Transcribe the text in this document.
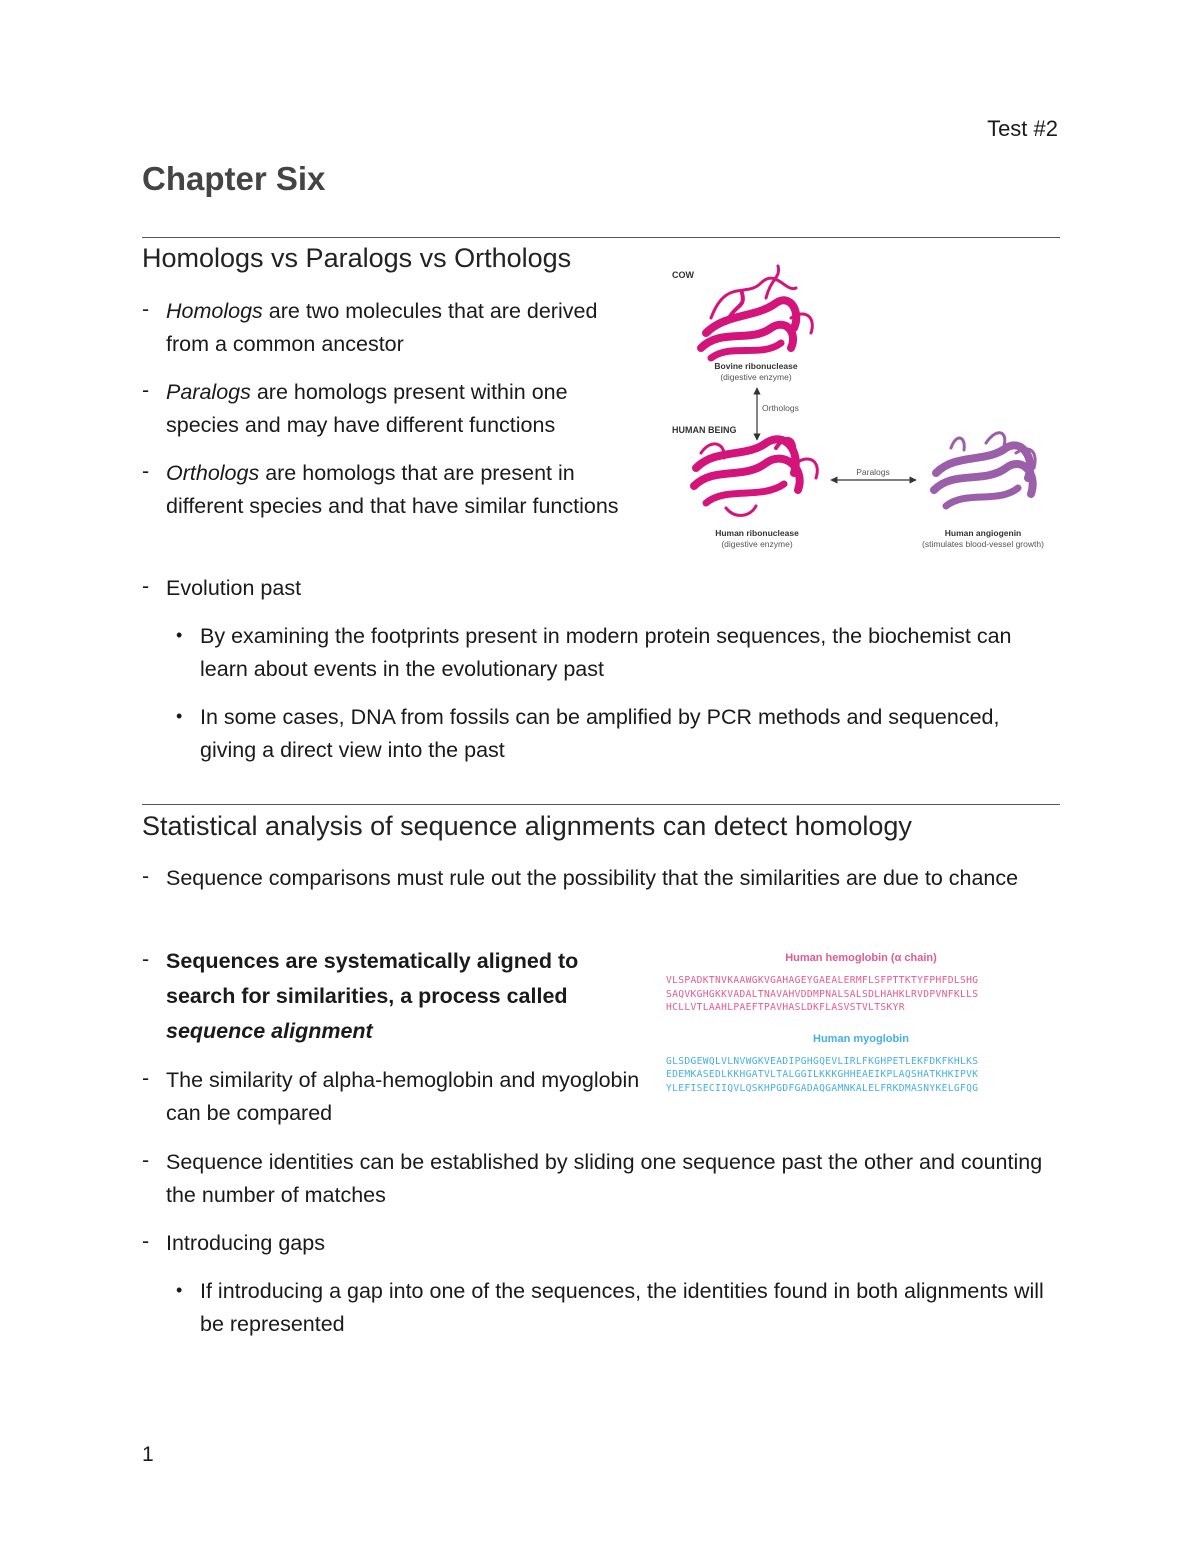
Test #2
Chapter Six
Homologs vs Paralogs vs Orthologs
- Homologs are two molecules that are derived from a common ancestor
- Paralogs are homologs present within one species and may have different functions
- Orthologs are homologs that are present in different species and that have similar functions
- Evolution past
• By examining the footprints present in modern protein sequences, the biochemist can learn about events in the evolutionary past
• In some cases, DNA from fossils can be amplified by PCR methods and sequenced, giving a direct view into the past
COW
Bovine ribonuclease
(digestive enzyme)
Orthologs
HUMAN BEING
Human ribonuclease
(digestive enzyme)
Paralogs
Human angiogenin
(stimulates blood-vessel growth)
Statistical analysis of sequence alignments can detect homology
- Sequence comparisons must rule out the possibility that the similarities are due to chance
- Sequences are systematically aligned to search for similarities, a process called sequence alignment
- The similarity of alpha-hemoglobin and myoglobin can be compared
- Sequence identities can be established by sliding one sequence past the other and counting the number of matches
- Introducing gaps
• If introducing a gap into one of the sequences, the identities found in both alignments will be represented
Human hemoglobin (α chain)
VLSPADKTNVKAAWGKVGAHAGEYGAEALERMFLSFPTTKTYFPHFDLSHG
SAQVKGHGKKVADALTNAVAHVDDMPNALSALSDLHAHKLRVDPVNFKLLS
HCLLVTLAAHLPAEFTPAVHASLDKFLASVSTVLTSKYR
Human myoglobin
GLSDGEWQLVLNVWGKVEADIPGHGQEVLIRLFKGHPETLEKFDKFKHLKS
EDEMKASEDLKKHGATVLTALGGILKKKGHHEAEIKPLAQSHATKHKIPVK
YLEFISECIIQVLQSKHPGDFGADAQGAMNKALELFRKDMASNYKELGFQG
1
